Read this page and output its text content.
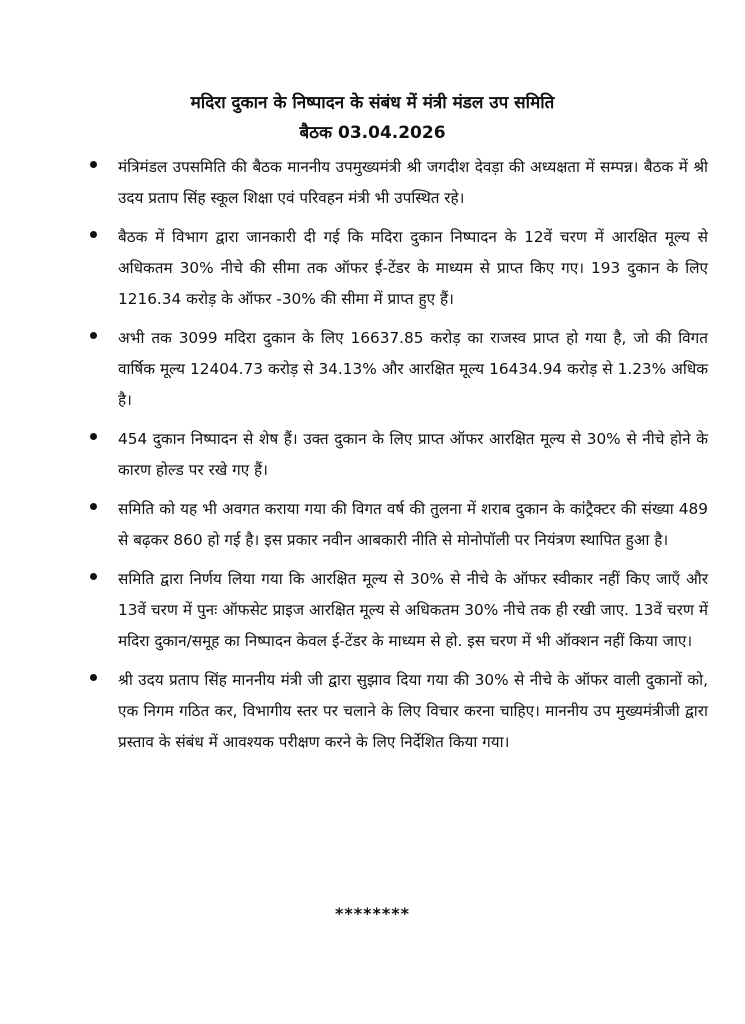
मदिरा दुकान के निष्पादन के संबंध में मंत्री मंडल उप समिति
बैठक 03.04.2026
मंत्रिमंडल उपसमिति की बैठक माननीय उपमुख्यमंत्री श्री जगदीश देवड़ा की अध्यक्षता में सम्पन्न। बैठक में श्री उदय प्रताप सिंह स्कूल शिक्षा एवं परिवहन मंत्री भी उपस्थित रहे।
बैठक में विभाग द्वारा जानकारी दी गई कि मदिरा दुकान निष्पादन के 12वें चरण में आरक्षित मूल्य से अधिकतम 30% नीचे की सीमा तक ऑफर ई-टेंडर के माध्यम से प्राप्त किए गए। 193 दुकान के लिए 1216.34 करोड़ के ऑफर -30% की सीमा में प्राप्त हुए हैं।
अभी तक 3099 मदिरा दुकान के लिए 16637.85 करोड़ का राजस्व प्राप्त हो गया है, जो की विगत वार्षिक मूल्य 12404.73 करोड़ से 34.13% और आरक्षित मूल्य 16434.94 करोड़ से 1.23% अधिक है।
454 दुकान निष्पादन से शेष हैं। उक्त दुकान के लिए प्राप्त ऑफर आरक्षित मूल्य से 30% से नीचे होने के कारण होल्ड पर रखे गए हैं।
समिति को यह भी अवगत कराया गया की विगत वर्ष की तुलना में शराब दुकान के कांट्रैक्टर की संख्या 489 से बढ़कर 860 हो गई है। इस प्रकार नवीन आबकारी नीति से मोनोपॉली पर नियंत्रण स्थापित हुआ है।
समिति द्वारा निर्णय लिया गया कि आरक्षित मूल्य से 30% से नीचे के ऑफर स्वीकार नहीं किए जाएँ और 13वें चरण में पुनः ऑफसेट प्राइज आरक्षित मूल्य से अधिकतम 30% नीचे तक ही रखी जाए. 13वें चरण में मदिरा दुकान/समूह का निष्पादन केवल ई-टेंडर के माध्यम से हो. इस चरण में भी ऑक्शन नहीं किया जाए।
श्री उदय प्रताप सिंह माननीय मंत्री जी द्वारा सुझाव दिया गया की 30% से नीचे के ऑफर वाली दुकानों को, एक निगम गठित कर, विभागीय स्तर पर चलाने के लिए विचार करना चाहिए। माननीय उप मुख्यमंत्रीजी द्वारा प्रस्ताव के संबंध में आवश्यक परीक्षण करने के लिए निर्देशित किया गया।
********
